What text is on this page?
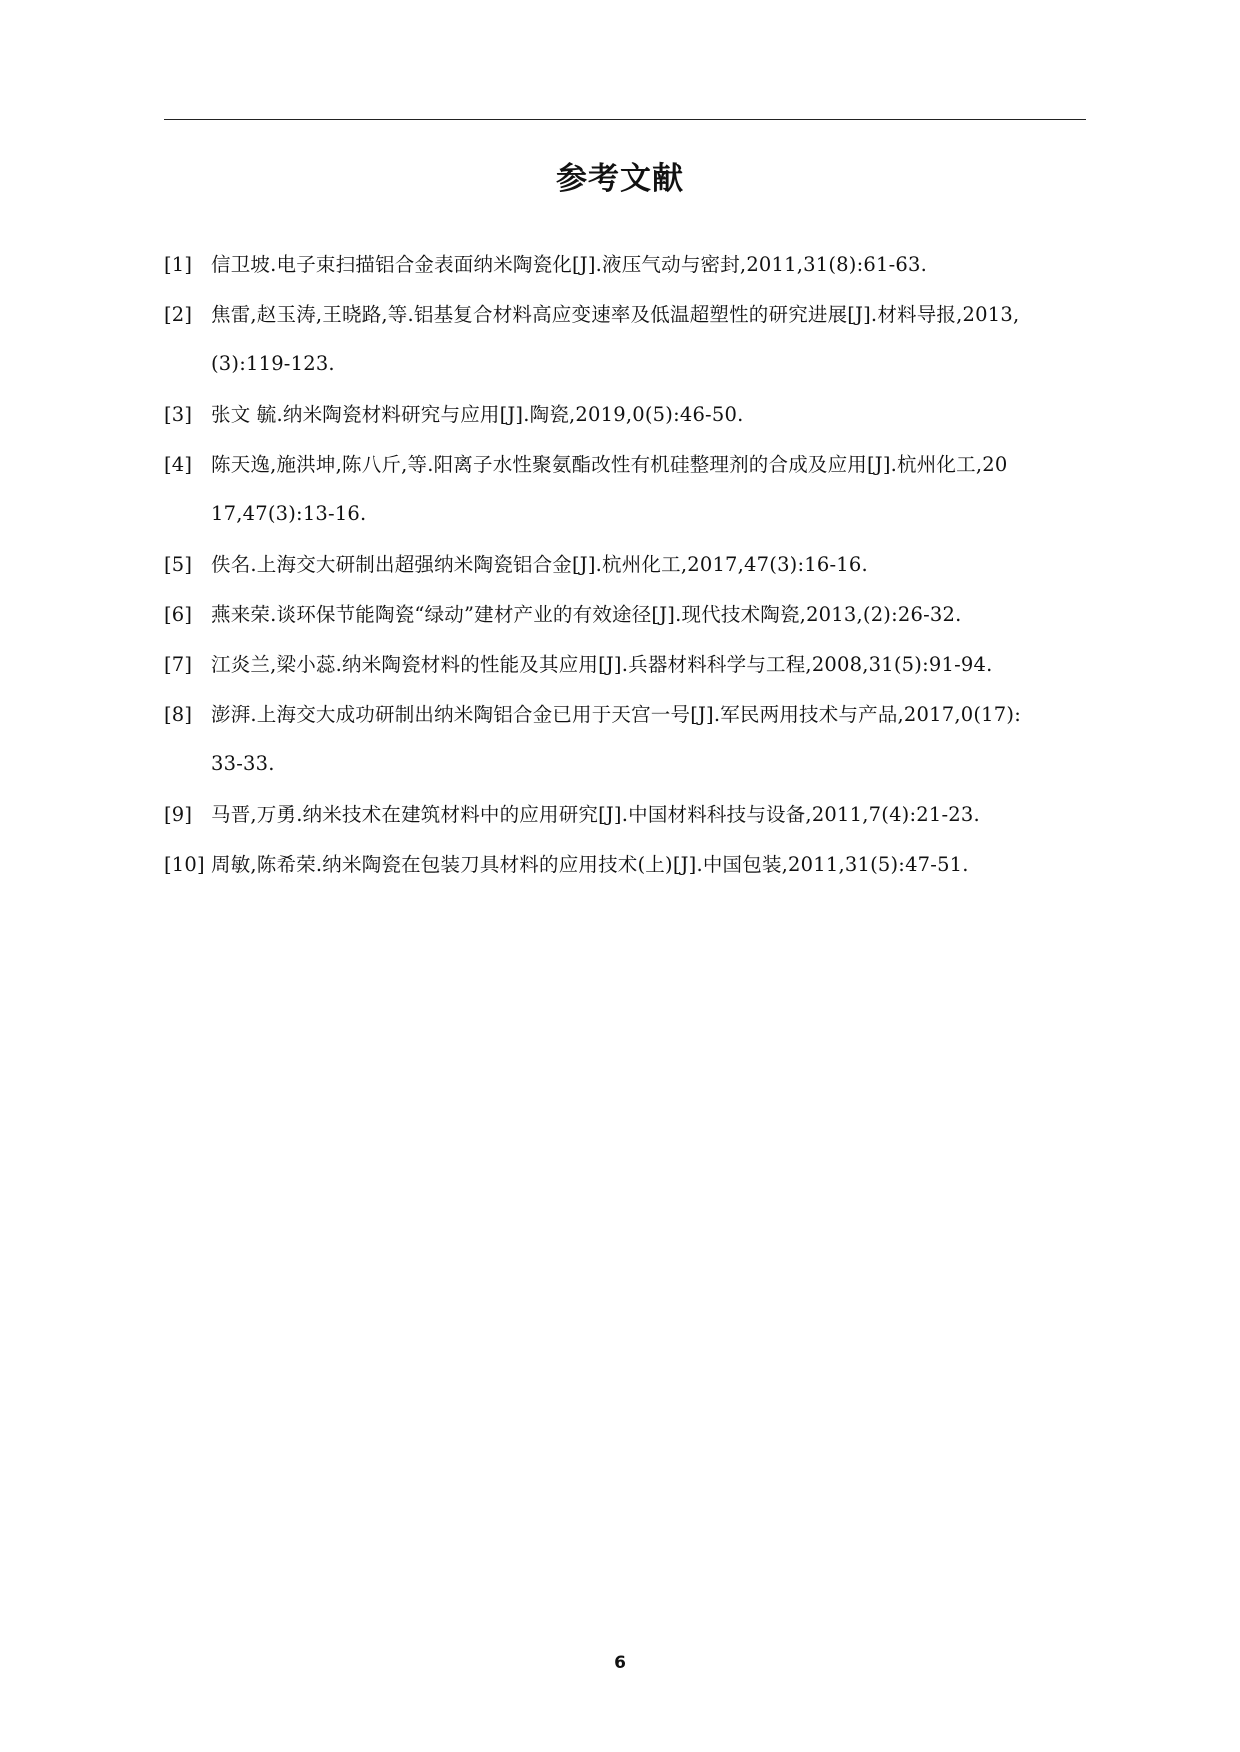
参考文献
[1] 信卫坡.电子束扫描铝合金表面纳米陶瓷化[J].液压气动与密封,2011,31(8):61-63.
[2] 焦雷,赵玉涛,王晓路,等.铝基复合材料高应变速率及低温超塑性的研究进展[J].材料导报,2013,
(3):119-123.
[3] 张文 毓.纳米陶瓷材料研究与应用[J].陶瓷,2019,0(5):46-50.
[4] 陈天逸,施洪坤,陈八斤,等.阳离子水性聚氨酯改性有机硅整理剂的合成及应用[J].杭州化工,20
17,47(3):13-16.
[5] 佚名.上海交大研制出超强纳米陶瓷铝合金[J].杭州化工,2017,47(3):16-16.
[6] 燕来荣.谈环保节能陶瓷“绿动”建材产业的有效途径[J].现代技术陶瓷,2013,(2):26-32.
[7] 江炎兰,梁小蕊.纳米陶瓷材料的性能及其应用[J].兵器材料科学与工程,2008,31(5):91-94.
[8] 澎湃.上海交大成功研制出纳米陶铝合金已用于天宫一号[J].军民两用技术与产品,2017,0(17):
33-33.
[9] 马晋,万勇.纳米技术在建筑材料中的应用研究[J].中国材料科技与设备,2011,7(4):21-23.
[10] 周敏,陈希荣.纳米陶瓷在包装刀具材料的应用技术(上)[J].中国包装,2011,31(5):47-51.
6
